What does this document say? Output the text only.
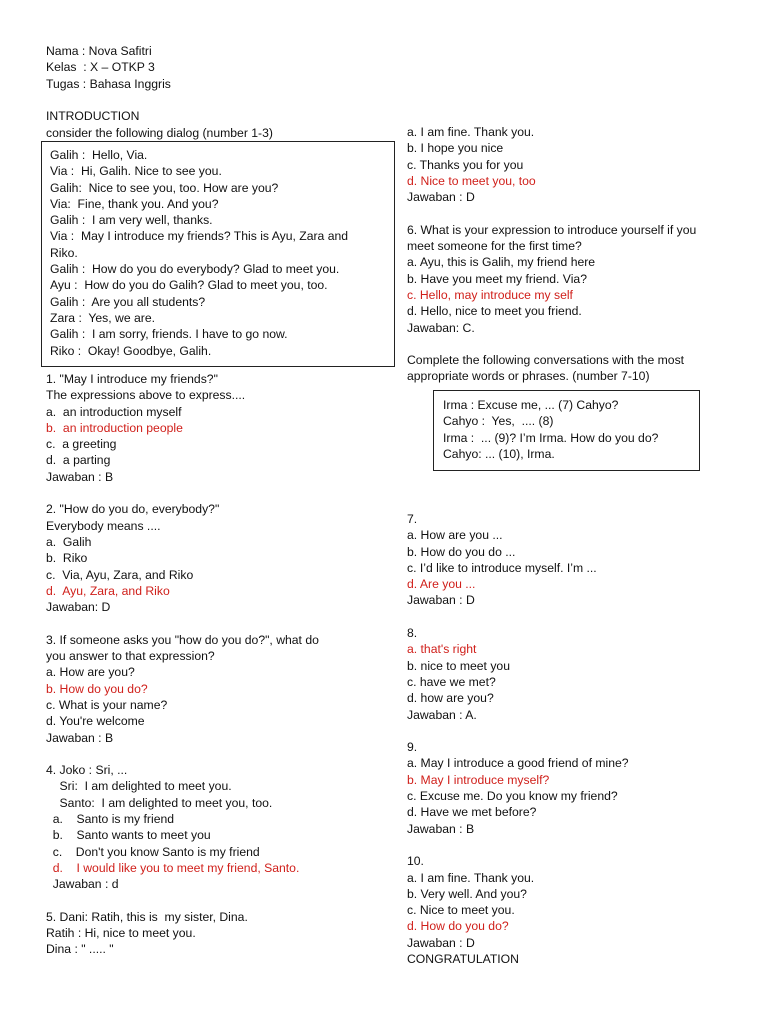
Nama : Nova Safitri
Kelas  : X – OTKP 3
Tugas : Bahasa Inggris
INTRODUCTION
consider the following dialog (number 1-3)
Galih :  Hello, Via.
Via :  Hi, Galih. Nice to see you.
Galih:  Nice to see you, too. How are you?
Via:  Fine, thank you. And you?
Galih :  I am very well, thanks.
Via :  May I introduce my friends? This is Ayu, Zara and
Riko.
Galih :  How do you do everybody? Glad to meet you.
Ayu :  How do you do Galih? Glad to meet you, too.
Galih :  Are you all students?
Zara :  Yes, we are.
Galih :  I am sorry, friends. I have to go now.
Riko :  Okay! Goodbye, Galih.
1. "May I introduce my friends?"
The expressions above to express....
a.  an introduction myself
b.  an introduction people
c.  a greeting
d.  a parting
Jawaban : B
2. "How do you do, everybody?"
Everybody means ....
a.  Galih
b.  Riko
c.  Via, Ayu, Zara, and Riko
d.  Ayu, Zara, and Riko
Jawaban: D
3. If someone asks you "how do you do?", what do
you answer to that expression?
a. How are you?
b. How do you do?
c. What is your name?
d. You're welcome
Jawaban : B
4. Joko : Sri, ...
Sri:  I am delighted to meet you.
Santo:  I am delighted to meet you, too.
a.    Santo is my friend
b.    Santo wants to meet you
c.    Don't you know Santo is my friend
d.    I would like you to meet my friend, Santo.
Jawaban : d
5. Dani: Ratih, this is  my sister, Dina.
Ratih : Hi, nice to meet you.
Dina : " ..... "
a. I am fine. Thank you.
b. I hope you nice
c. Thanks you for you
d. Nice to meet you, too
Jawaban : D
6. What is your expression to introduce yourself if you
meet someone for the first time?
a. Ayu, this is Galih, my friend here
b. Have you meet my friend. Via?
c. Hello, may introduce my self
d. Hello, nice to meet you friend.
Jawaban: C.
Complete the following conversations with the most
appropriate words or phrases. (number 7-10)
Irma : Excuse me, ... (7) Cahyo?
Cahyo :  Yes,  .... (8)
Irma :  ... (9)? I’m Irma. How do you do?
Cahyo: ... (10), Irma.
7.
a. How are you ...
b. How do you do ...
c. I’d like to introduce myself. I’m ...
d. Are you ...
Jawaban : D
8.
a. that's right
b. nice to meet you
c. have we met?
d. how are you?
Jawaban : A.
9.
a. May I introduce a good friend of mine?
b. May I introduce myself?
c. Excuse me. Do you know my friend?
d. Have we met before?
Jawaban : B
10.
a. I am fine. Thank you.
b. Very well. And you?
c. Nice to meet you.
d. How do you do?
Jawaban : D
CONGRATULATION
